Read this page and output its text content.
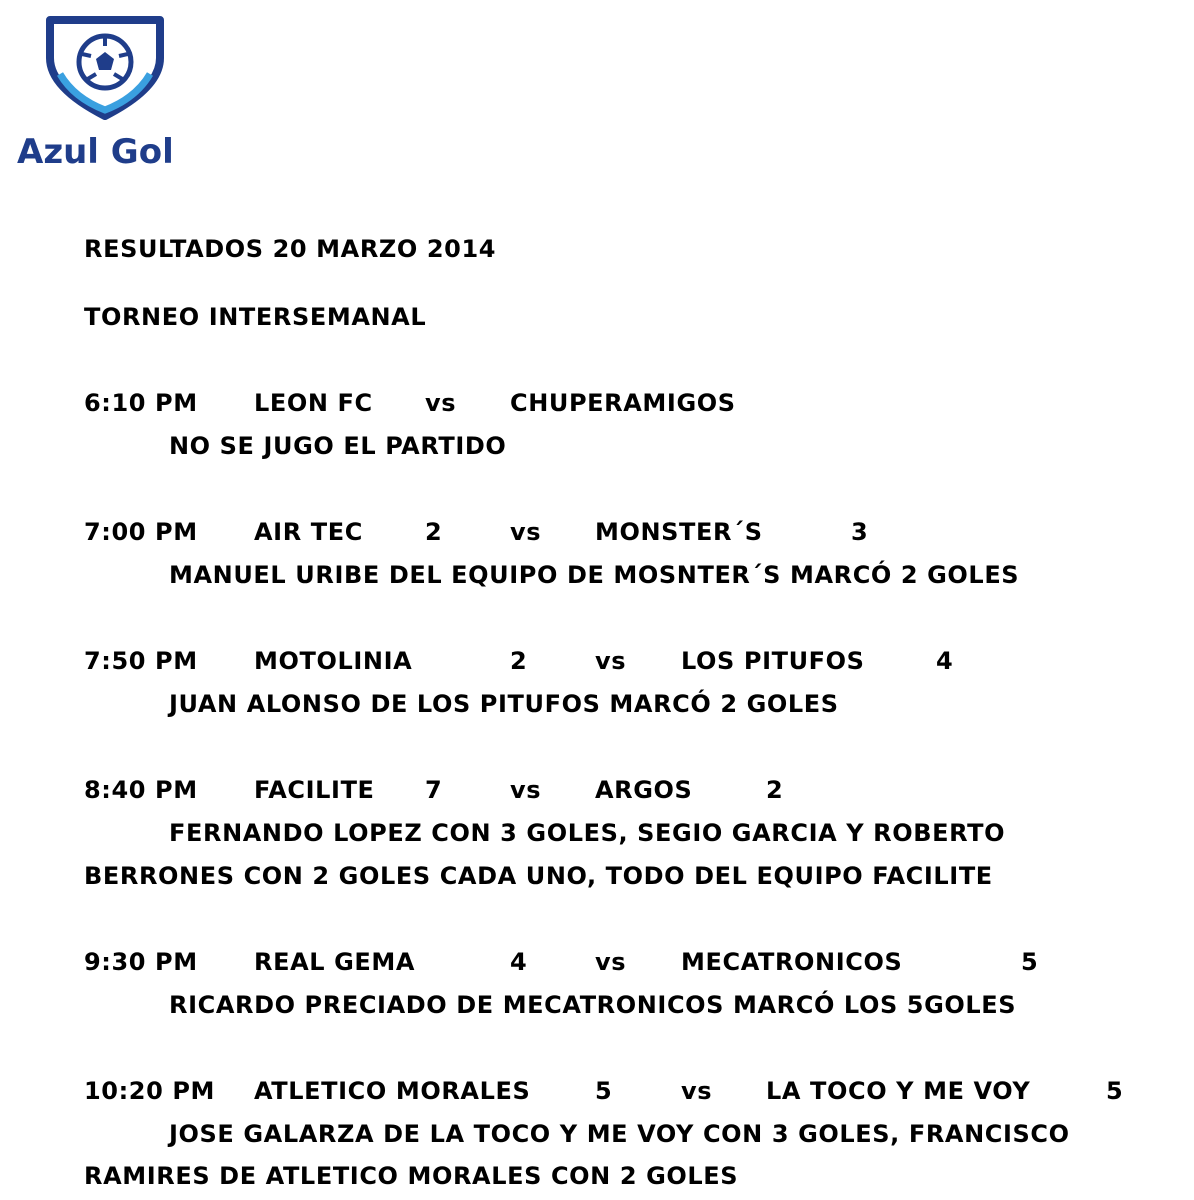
Azul Gol
RESULTADOS 20 MARZO 2014
TORNEO INTERSEMANAL
6:10 PM LEON FC vs CHUPERAMIGOS
NO SE JUGO EL PARTIDO
7:00 PM AIR TEC	2	vs MONSTER´S	3
MANUEL URIBE DEL EQUIPO DE MOSNTER´S MARCÓ 2 GOLES
7:50 PM MOTOLINIA	2	vs LOS PITUFOS	4
JUAN ALONSO DE LOS PITUFOS MARCÓ 2 GOLES
8:40 PM FACILITE 7	vs ARGOS	2
FERNANDO LOPEZ CON 3 GOLES, SEGIO GARCIA Y ROBERTO
BERRONES CON 2 GOLES CADA UNO, TODO DEL EQUIPO FACILITE
9:30 PM REAL GEMA	4	vs MECATRONICOS	5
RICARDO PRECIADO DE MECATRONICOS MARCÓ LOS 5GOLES
10:20 PM ATLETICO MORALES	5	vs LA TOCO Y ME VOY	5
JOSE GALARZA DE LA TOCO Y ME VOY CON 3 GOLES, FRANCISCO
RAMIRES DE ATLETICO MORALES CON 2 GOLES
